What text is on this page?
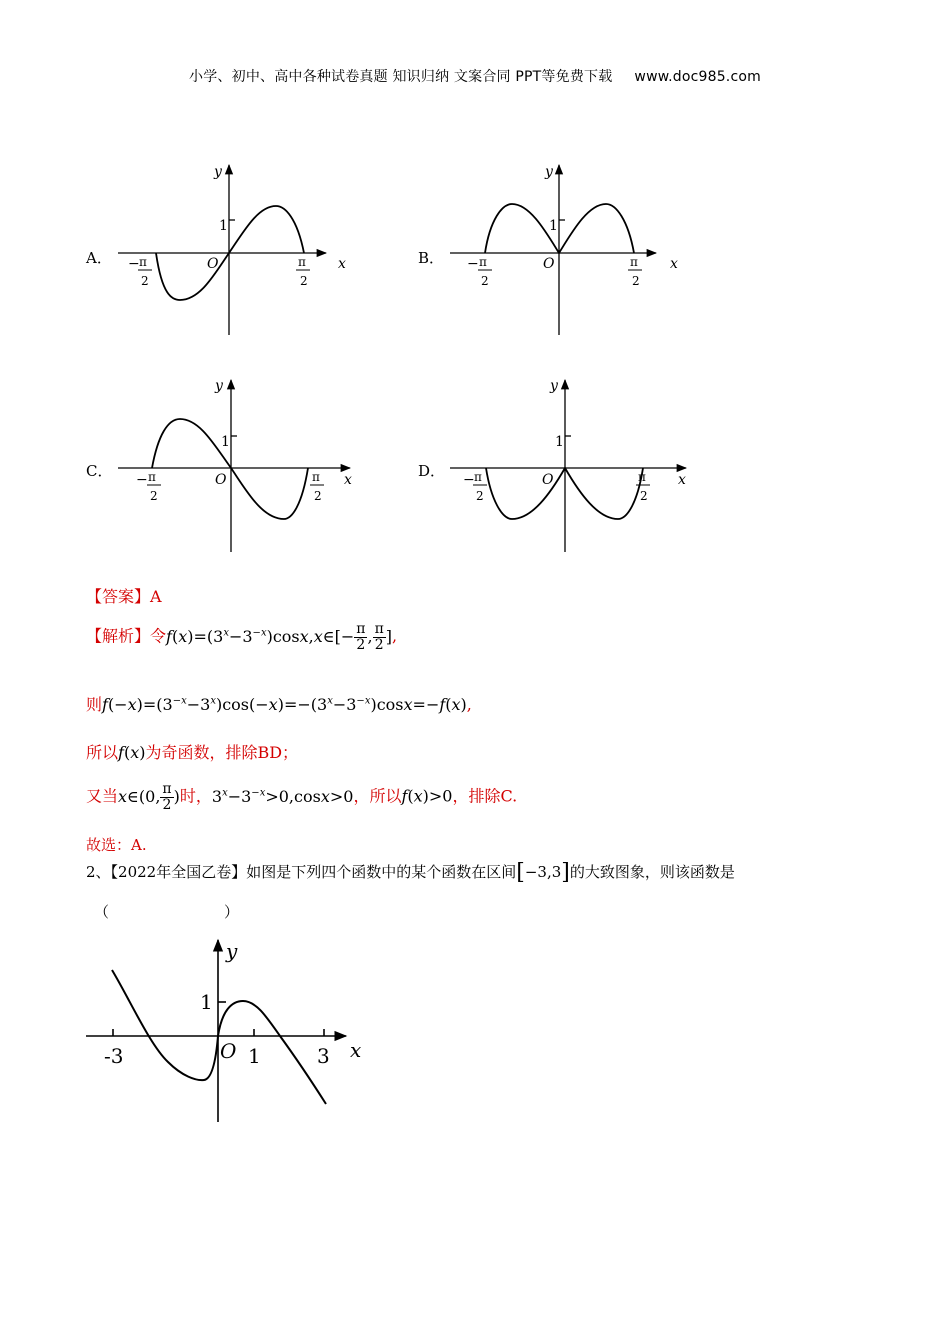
小学、初中、高中各种试卷真题 知识归纳 文案合同 PPT等免费下载 www.doc985.com
A．	B．
C．	D．
y
1
O	x
− π
2
π
2
y
1
O	x
− π
2
π
2
y
1
O	x
− π
2
π
2
y
1
O	x
− π
2
π
2
【答案】A
【解析】令$f(x)=(3^x-3^{-x})\cos x,x\in[- \frac{\pi}{2}$ , $\frac{\pi}{2}$ ],
则$f(-x)=(3^{-x}-3^x)\cos(-x)=-(3^x-3^{-x})\cos x=-f(x)$,
所以f(x)为奇函数，排除BD；
又当x∈(0, $\frac{\pi}{2}$ )时，$3^x-3^{-x}>0,\cos x>0$，所以f(x)>0，排除C.
故选：A.
2、【2022年全国乙卷】如图是下列四个函数中的某个函数在区间[−3,3]的大致图象，则该函数是
（	）
y
1
O 1	3
-3	x
